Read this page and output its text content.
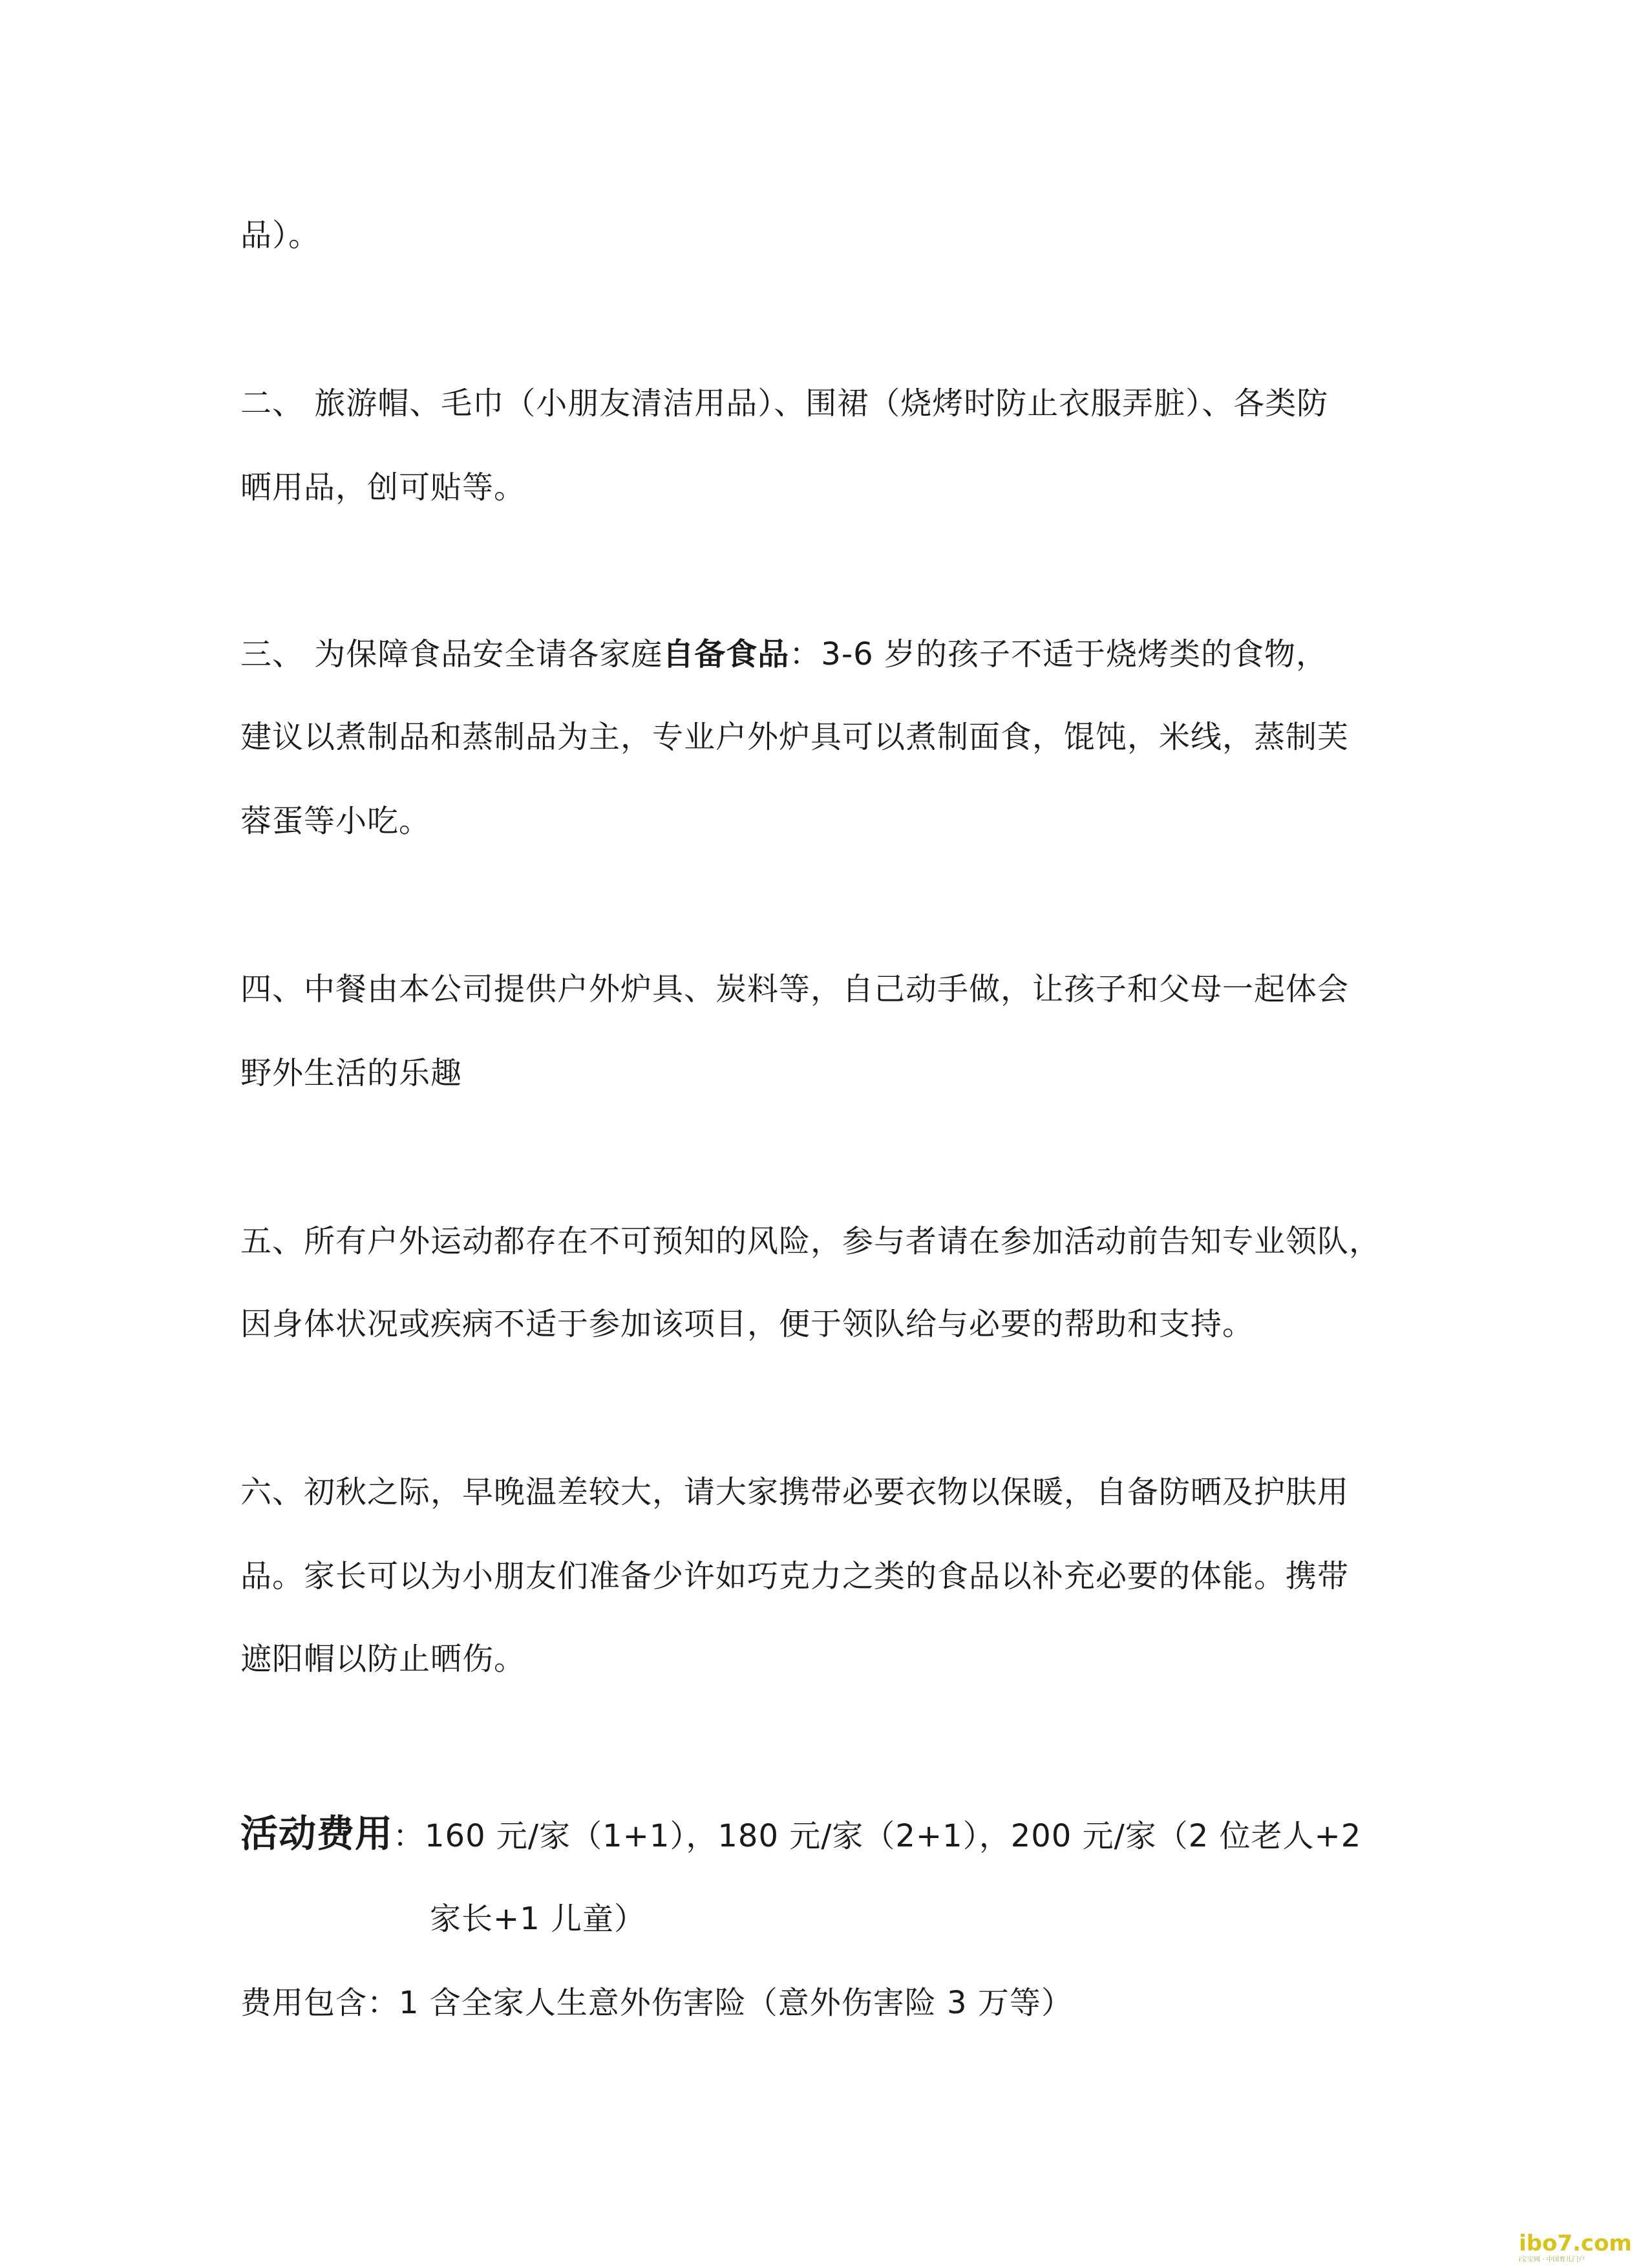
品）。
二、 旅游帽、毛巾（小朋友清洁用品）、围裙（烧烤时防止衣服弄脏）、各类防
晒用品，创可贴等。
三、 为保障食品安全请各家庭自备食品：3-6 岁的孩子不适于烧烤类的食物，
建议以煮制品和蒸制品为主，专业户外炉具可以煮制面食，馄饨，米线，蒸制芙
蓉蛋等小吃。
四、中餐由本公司提供户外炉具、炭料等，自己动手做，让孩子和父母一起体会
野外生活的乐趣
五、所有户外运动都存在不可预知的风险，参与者请在参加活动前告知专业领队，
因身体状况或疾病不适于参加该项目，便于领队给与必要的帮助和支持。
六、初秋之际，早晚温差较大，请大家携带必要衣物以保暖，自备防晒及护肤用
品。家长可以为小朋友们准备少许如巧克力之类的食品以补充必要的体能。携带
遮阳帽以防止晒伤。
活动费用：160 元/家（1+1），180 元/家（2+1），200 元/家（2 位老人+2
家长+1 儿童）
费用包含：1 含全家人生意外伤害险（意外伤害险 3 万等）
ibo7.com
i宝宝网 · 中国育儿门户
